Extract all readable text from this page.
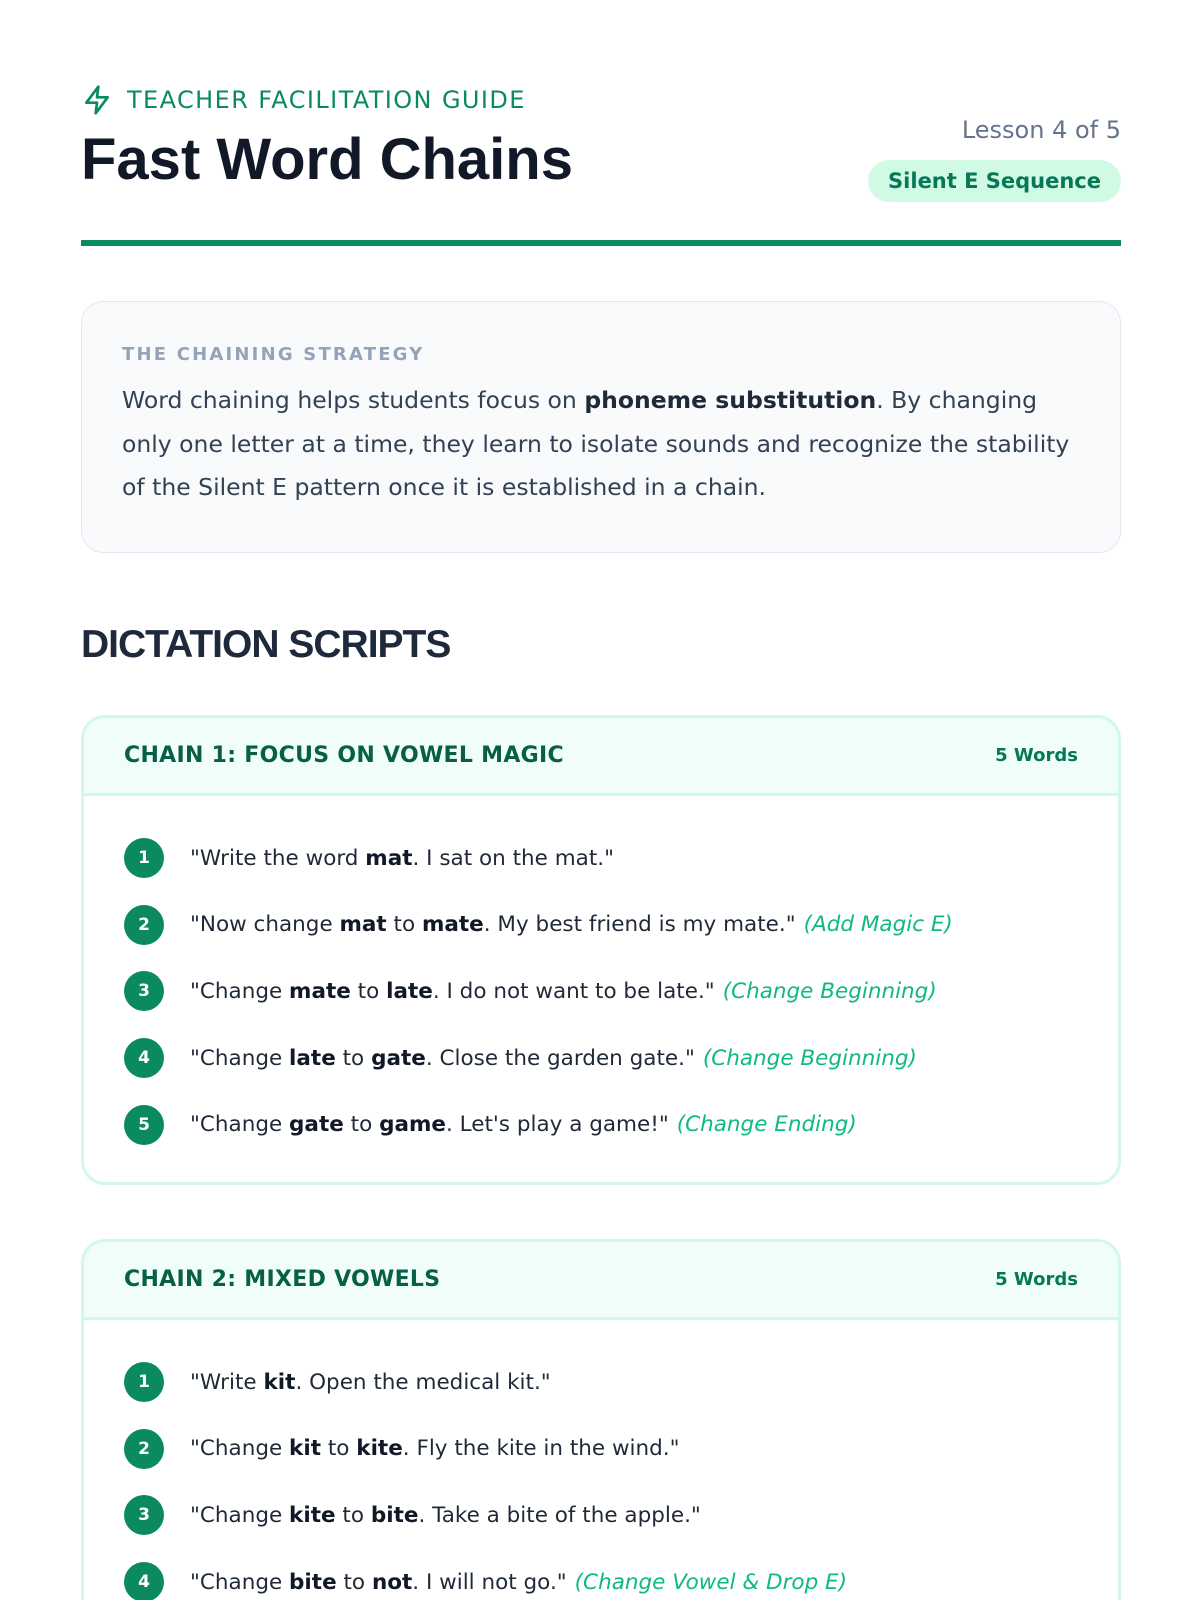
TEACHER FACILITATION GUIDE
Fast Word Chains	Lesson 4 of 5
Silent E Sequence
THE CHAINING STRATEGY

Word chaining helps students focus on phoneme substitution. By changing only one letter at a time, they learn to isolate sounds and recognize the stability of the Silent E pattern once it is established in a chain.

DICTATION SCRIPTS
CHAIN 1: FOCUS ON VOWEL MAGIC	5 Words
1	"Write the word mat. I sat on the mat."
2	"Now change mat to mate. My best friend is my mate." (Add Magic E)
3	"Change mate to late. I do not want to be late." (Change Beginning)
4	"Change late to gate. Close the garden gate." (Change Beginning)
5	"Change gate to game. Let's play a game!" (Change Ending)
CHAIN 2: MIXED VOWELS	5 Words
1	"Write kit. Open the medical kit."
2	"Change kit to kite. Fly the kite in the wind."
3	"Change kite to bite. Take a bite of the apple."
4	"Change bite to not. I will not go." (Change Vowel & Drop E)
